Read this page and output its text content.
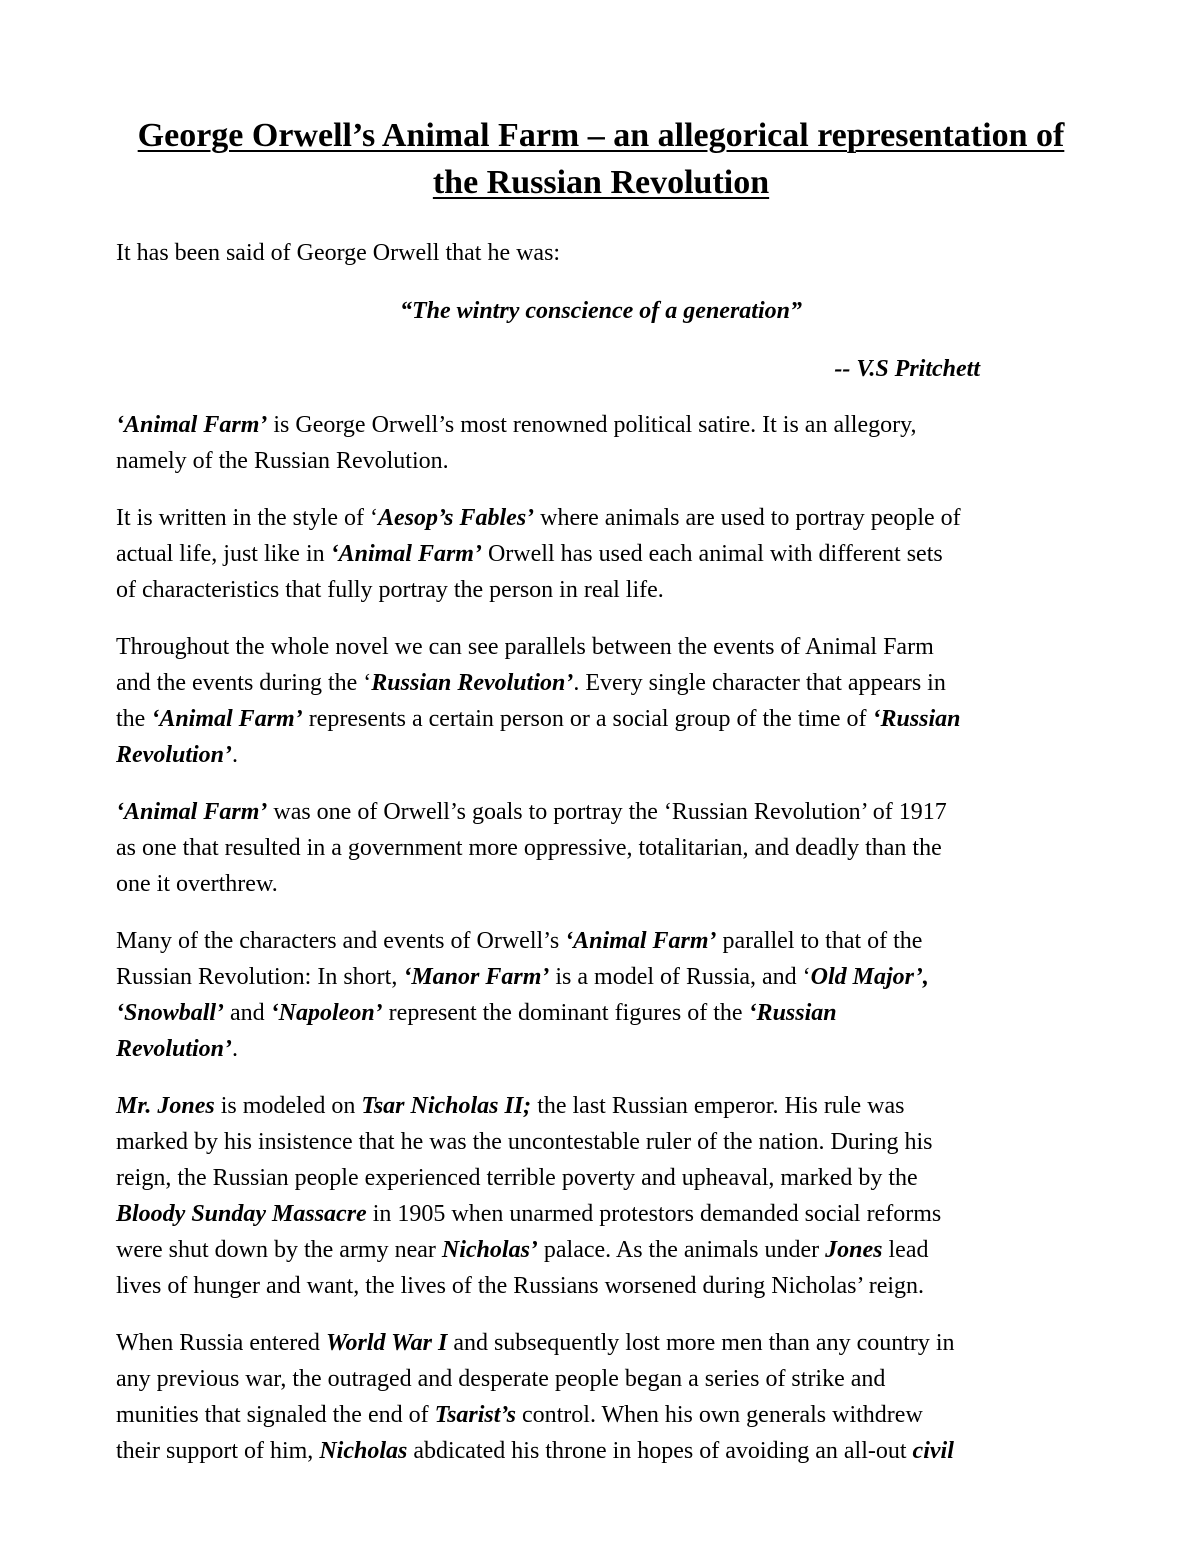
George Orwell’s Animal Farm – an allegorical representation of
the Russian Revolution

It has been said of George Orwell that he was:

“The wintry conscience of a generation”

-- V.S Pritchett

‘Animal Farm’ is George Orwell’s most renowned political satire. It is an allegory,
namely of the Russian Revolution.

It is written in the style of ‘Aesop’s Fables’ where animals are used to portray people of
actual life, just like in ‘Animal Farm’ Orwell has used each animal with different sets
of characteristics that fully portray the person in real life.

Throughout the whole novel we can see parallels between the events of Animal Farm
and the events during the ‘Russian Revolution’. Every single character that appears in
the ‘Animal Farm’ represents a certain person or a social group of the time of ‘Russian
Revolution’.

‘Animal Farm’ was one of Orwell’s goals to portray the ‘Russian Revolution’ of 1917
as one that resulted in a government more oppressive, totalitarian, and deadly than the
one it overthrew.

Many of the characters and events of Orwell’s ‘Animal Farm’ parallel to that of the
Russian Revolution: In short, ‘Manor Farm’ is a model of Russia, and ‘Old Major’,
‘Snowball’ and ‘Napoleon’ represent the dominant figures of the ‘Russian
Revolution’.

Mr. Jones is modeled on Tsar Nicholas II; the last Russian emperor. His rule was
marked by his insistence that he was the uncontestable ruler of the nation. During his
reign, the Russian people experienced terrible poverty and upheaval, marked by the
Bloody Sunday Massacre in 1905 when unarmed protestors demanded social reforms
were shut down by the army near Nicholas’ palace. As the animals under Jones lead
lives of hunger and want, the lives of the Russians worsened during Nicholas’ reign.

When Russia entered World War I and subsequently lost more men than any country in
any previous war, the outraged and desperate people began a series of strike and
munities that signaled the end of Tsarist’s control. When his own generals withdrew
their support of him, Nicholas abdicated his throne in hopes of avoiding an all-out civil
